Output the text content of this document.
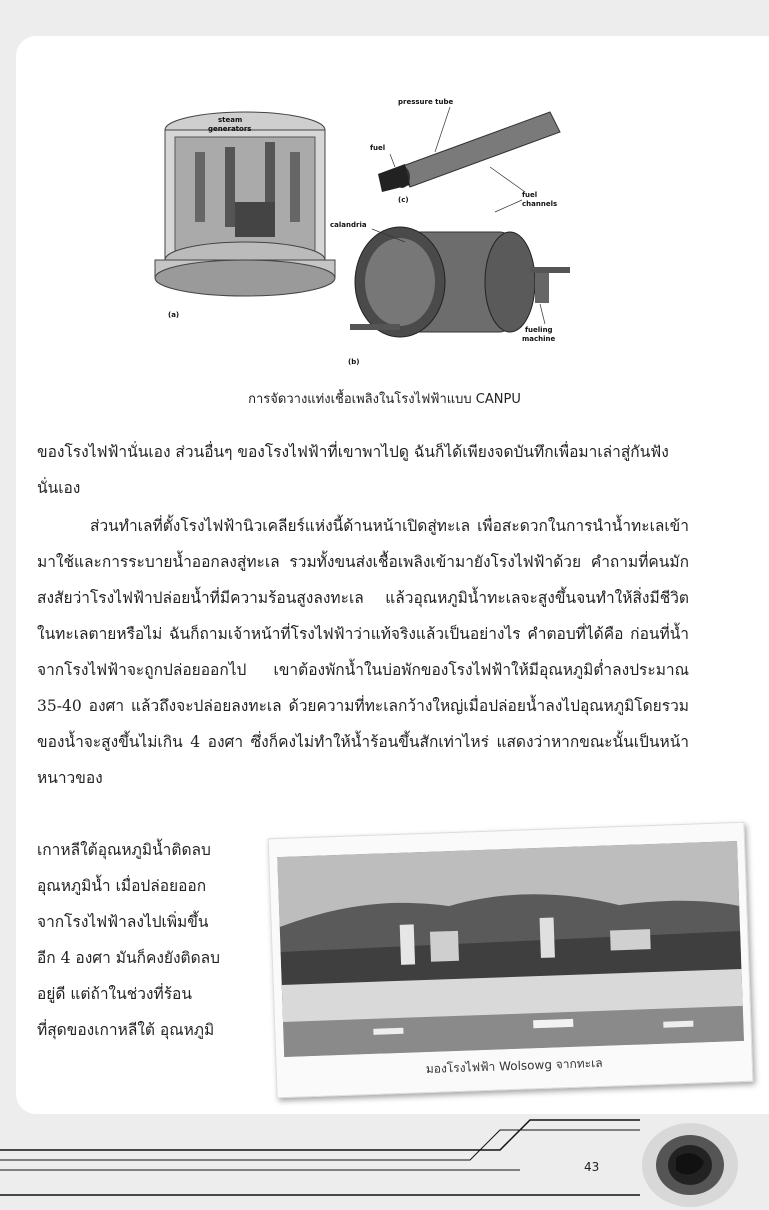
steam
generators
(a)
pressure tube
fuel
(c)
fuel
channels
calandria
(b)
fueling
machine
การจัดวางแท่งเชื้อเพลิงในโรงไฟฟ้าแบบ CANPU

ของโรงไฟฟ้านั่นเอง ส่วนอื่นๆ ของโรงไฟฟ้าที่เขาพาไปดู ฉันก็ได้เพียงจดบันทึกเพื่อมาเล่าสู่กันฟังนั่นเอง

ส่วนทำเลที่ตั้งโรงไฟฟ้านิวเคลียร์แห่งนี้ด้านหน้าเปิดสู่ทะเล เพื่อสะดวกในการนำน้ำทะเลเข้ามาใช้และการระบายน้ำออกลงสู่ทะเล รวมทั้งขนส่งเชื้อเพลิงเข้ามายังโรงไฟฟ้าด้วย คำถามที่คนมักสงสัยว่าโรงไฟฟ้าปล่อยน้ำที่มีความร้อนสูงลงทะเล แล้วอุณหภูมิน้ำทะเลจะสูงขึ้นจนทำให้สิ่งมีชีวิตในทะเลตายหรือไม่ ฉันก็ถามเจ้าหน้าที่โรงไฟฟ้าว่าแท้จริงแล้วเป็นอย่างไร คำตอบที่ได้คือ ก่อนที่น้ำจากโรงไฟฟ้าจะถูกปล่อยออกไป เขาต้องพักน้ำในบ่อพักของโรงไฟฟ้าให้มีอุณหภูมิต่ำลงประมาณ 35-40 องศา แล้วถึงจะปล่อยลงทะเล ด้วยความที่ทะเลกว้างใหญ่เมื่อปล่อยน้ำลงไปอุณหภูมิโดยรวมของน้ำจะสูงขึ้นไม่เกิน 4 องศา ซึ่งก็คงไม่ทำให้น้ำร้อนขึ้นสักเท่าไหร่ แสดงว่าหากขณะนั้นเป็นหน้าหนาวของ

เกาหลีใต้อุณหภูมิน้ำติดลบ
อุณหภูมิน้ำ เมื่อปล่อยออก
จากโรงไฟฟ้าลงไปเพิ่มขึ้น
อีก 4 องศา มันก็คงยังติดลบ
อยู่ดี แต่ถ้าในช่วงที่ร้อน
ที่สุดของเกาหลีใต้ อุณหภูมิ
มองโรงไฟฟ้า Wolsowg จากทะเล
43
